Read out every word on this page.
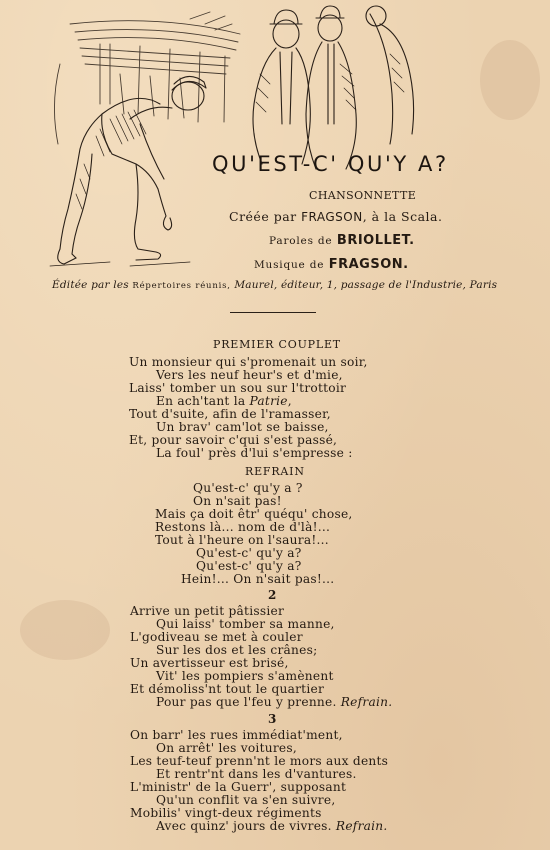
QU'EST-C' QU'Y A?
CHANSONNETTE
Créée par FRAGSON, à la Scala.
Paroles de BRIOLLET.
Musique de FRAGSON.
Éditée par les Répertoires réunis, Maurel, éditeur, 1, passage de l'Industrie, Paris
PREMIER COUPLET
Un monsieur qui s'promenait un soir,
Vers les neuf heur's et d'mie,
Laiss' tomber un sou sur l'trottoir
En ach'tant la Patrie,
Tout d'suite, afin de l'ramasser,
Un brav' cam'lot se baisse,
Et, pour savoir c'qui s'est passé,
La foul' près d'lui s'empresse :
REFRAIN
Qu'est-c' qu'y a ?
On n'sait pas!
Mais ça doit êtr' quéqu' chose,
Restons là... nom de d'là!...
Tout à l'heure on l'saura!...
Qu'est-c' qu'y a?
Qu'est-c' qu'y a?
Hein!... On n'sait pas!...
2
Arrive un petit pâtissier
Qui laiss' tomber sa manne,
L'godiveau se met à couler
Sur les dos et les crânes;
Un avertisseur est brisé,
Vit' les pompiers s'amènent
Et démoliss'nt tout le quartier
Pour pas que l'feu y prenne. Refrain.
3
On barr' les rues immédiat'ment,
On arrêt' les voitures,
Les teuf-teuf prenn'nt le mors aux dents
Et rentr'nt dans les d'vantures.
L'ministr' de la Guerr', supposant
Qu'un conflit va s'en suivre,
Mobilis' vingt-deux régiments
Avec quinz' jours de vivres. Refrain.
